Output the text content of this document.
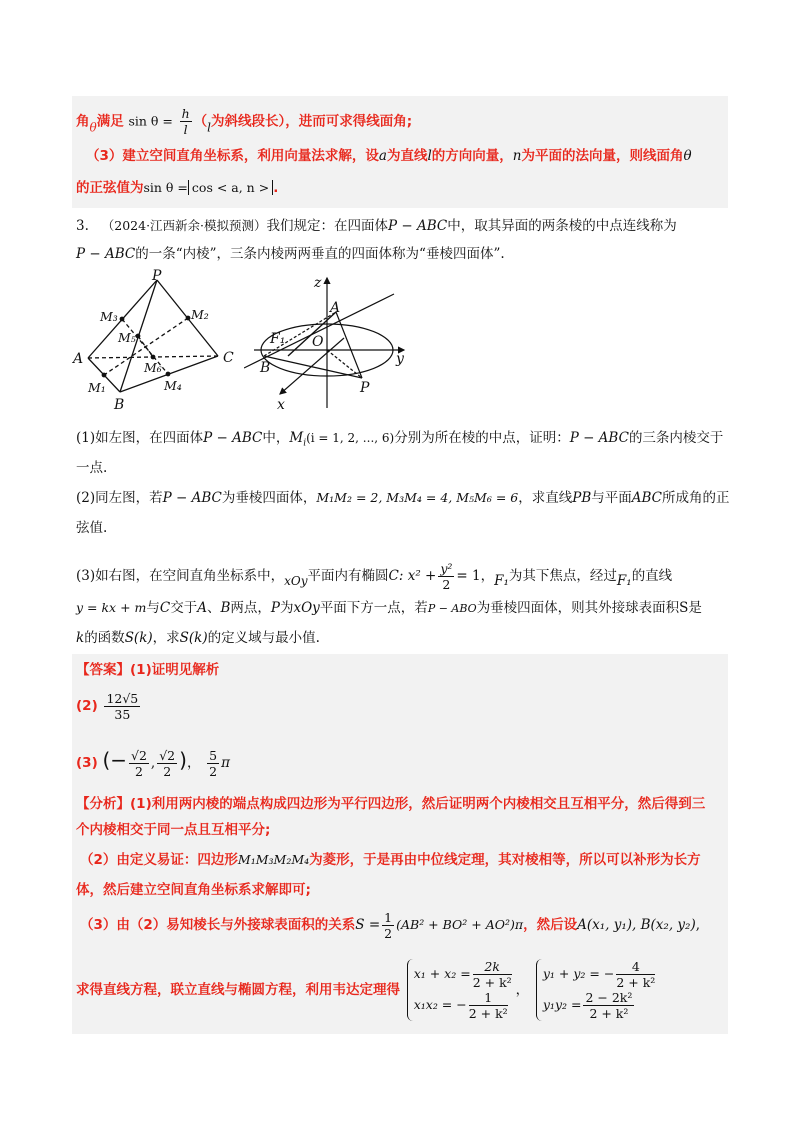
角θ满足 $\sin \theta = \frac{h}{l} (l$为斜线段长），进而可求得线面角;
（3）建立空间直角坐标系，利用向量法求解，设a为直线l的方向向量，n为平面的法向量，则线面角θ
的正弦值为sin θ = cos < a, n > .
3. （2024·江西新余·模拟预测）我们规定：在四面体P − ABC中，取其异面的两条棱的中点连线称为
P − ABC的一条“内棱”，三条内棱两两垂直的四面体称为“垂棱四面体”.
P
M₃	M₂
M₅
A	C
M₆
M₁	M₄
B
z
A
F₁ O
y
B
P
x
(1)如左图，在四面体P − ABC中，$M_i(i = 1$, 2, ..., 6)分别为所在棱的中点，证明：P − ABC的三条内棱交于
一点.
(2)同左图，若P − ABC为垂棱四面体，M₁M₂ = 2, M₃M₄ = 4, M₅M₆ = 6，求直线PB与平面ABC所成角的正
弦值.
(3)如右图，在空间直角坐标系中，xOy平面内有椭圆C: $x^2 + \frac{\text{y²}}{2} = 1$，F₁为其下焦点，经过F₁的直线
y = kx + m与C交于A、B两点，P为xOy平面下方一点，若P − ABO为垂棱四面体，则其外接球表面积S是
k的函数S(k)，求S(k)的定义域与最小值.
【答案】(1)证明见解析
$(2) \frac{12√5}{35}$
(3) (− $\frac{√2}{2}$ , $\frac{√2}{2}$ )， $\frac{5}{2}$ π
【分析】(1)利用两内棱的端点构成四边形为平行四边形，然后证明两个内棱相交且互相平分，然后得到三
个内棱相交于同一点且互相平分;
（2）由定义易证：四边形M₁M₃M₂M₄为菱形，于是再由中位线定理，其对棱相等，所以可以补形为长方
体，然后建立空间直角坐标系求解即可;
（3）由（2）易知棱长与外接球表面积的关系$S = \frac{1}{2} (AB^2 + BO^2 + AO^2)\pi$，然后设A(x₁, y₁), B(x₂, y₂),
求得直线方程，联立直线与椭圆方程，利用韦达定理得
$x_1 + x_2 = \frac{2k}{\text{2 + k²}}$
x₁x₂ = − $\frac{1}{\text{2 + k²}}$ ，
y₁ + y₂ = − $\frac{4}{\text{2 + k²}}$
$y_1y_2 = \frac{\text{2 − 2k²}}{\text{2 + k²}}$
